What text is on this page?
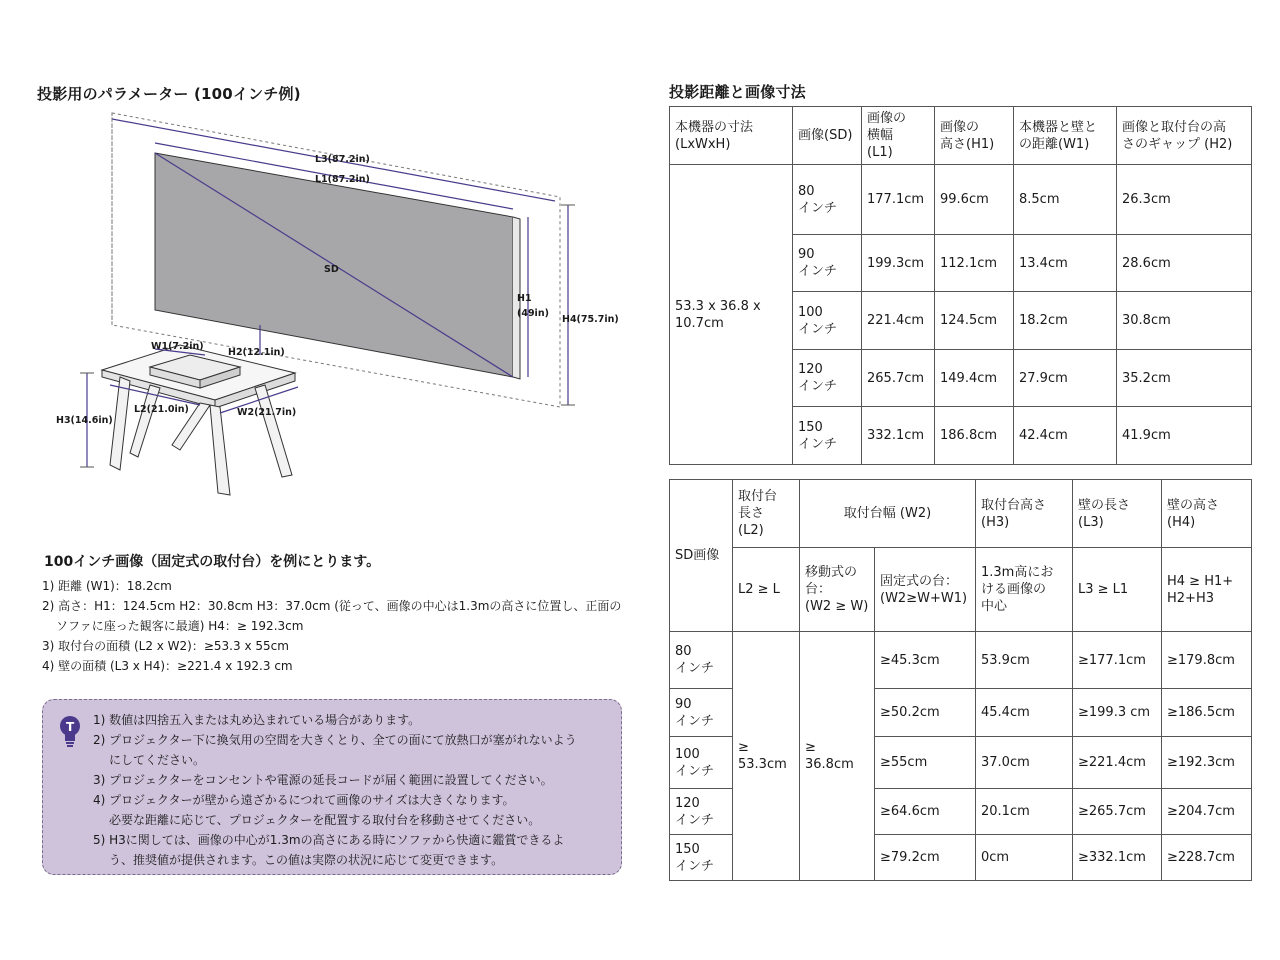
投影用のパラメーター (100インチ例)
L3(87.2in)
L1(87.2in)
SD
H1
(49in)
H4(75.7in)
W1(7.2in)
H2(12.1in)
L2(21.0in)	W2(21.7in)
H3(14.6in)
100インチ画像（固定式の取付台）を例にとります。
1) 距離 (W1)：18.2cm
2) 高さ：H1：124.5cm H2：30.8cm H3：37.0cm (従って、画像の中心は1.3mの高さに位置し、正面の
ソファに座った観客に最適) H4：≥ 192.3cm
3) 取付台の面積 (L2 x W2)：≥53.3 x 55cm
4) 壁の面積 (L3 x H4)：≥221.4 x 192.3 cm
T 1) 数値は四捨五入または丸め込まれている場合があります。
2) プロジェクター下に換気用の空間を大きくとり、全ての面にて放熱口が塞がれないよう
にしてください。
3) プロジェクターをコンセントや電源の延長コードが届く範囲に設置してください。
4) プロジェクターが壁から遠ざかるにつれて画像のサイズは大きくなります。
必要な距離に応じて、プロジェクターを配置する取付台を移動させてください。
5) H3に関しては、画像の中心が1.3mの高さにある時にソファから快適に鑑賞できるよ
う、推奨値が提供されます。この値は実際の状況に応じて変更できます。
投影距離と画像寸法
本機器の寸法
(LxWxH)	画像(SD)	画像の
横幅
(L1)	画像の
高さ(H1)	本機器と壁と
の距離(W1)	画像と取付台の高
さのギャップ (H2)
53.3 x 36.8 x
10.7cm	80
インチ	177.1cm	99.6cm	8.5cm	26.3cm
	90
インチ	199.3cm	112.1cm	13.4cm	28.6cm
	100
インチ	221.4cm	124.5cm	18.2cm	30.8cm
	120
インチ	265.7cm	149.4cm	27.9cm	35.2cm
	150
インチ	332.1cm	186.8cm	42.4cm	41.9cm
SD画像	取付台
長さ
(L2)	取付台幅 (W2)		取付台高さ
(H3)	壁の長さ
(L3)	壁の高さ
(H4)
	L2 ≥ L	移動式の
台：
(W2 ≥ W)	固定式の台：
(W2≥W+W1)	1.3m高にお
ける画像の
中心	L3 ≥ L1	H4 ≥ H1+
H2+H3
80
インチ	≥
53.3cm	≥
36.8cm	≥45.3cm	53.9cm	≥177.1cm	≥179.8cm
90
インチ			≥50.2cm	45.4cm	≥199.3 cm	≥186.5cm
100
インチ			≥55cm	37.0cm	≥221.4cm	≥192.3cm
120
インチ			≥64.6cm	20.1cm	≥265.7cm	≥204.7cm
150
インチ			≥79.2cm	0cm	≥332.1cm	≥228.7cm
